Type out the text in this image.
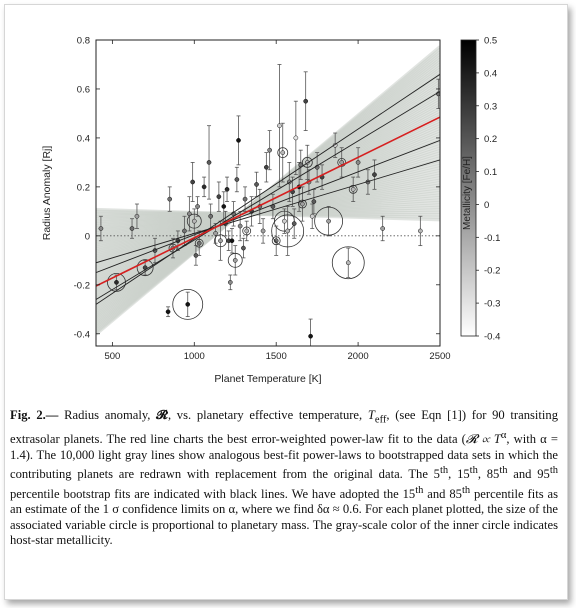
500	1000	1500	2000	2500
-0.4
-0.2
0
0.2
0.4
0.6
0.8
Planet Temperature [K]
Radius Anomaly [Rj]
0.5
0.4
0.3
0.2
0.1
0
-0.1
-0.2
-0.3
-0.4
Metallicity [Fe/H]
Fig. 2.— Radius anomaly, 𝓡, vs. planetary effective temperature, $T_{eff}$, (see Eqn [1]) for 90 transiting extrasolar planets. The red line charts the best error-weighted power-law fit to the data (𝓡 ∝ $T^\alpha$, with α = 1.4). The 10,000 light gray lines show analogous best-fit power-laws to bootstrapped data sets in which the contributing planets are redrawn with replacement from the original data. The 5th, 15th, 85th and 95th percentile bootstrap fits are indicated with black lines. We have adopted the 15th and 85th percentile fits as an estimate of the 1 σ confidence limits on α, where we find δα ≈ 0.6. For each planet plotted, the size of the associated variable circle is proportional to planetary mass. The gray-scale color of the inner circle indicates host-star metallicity.
